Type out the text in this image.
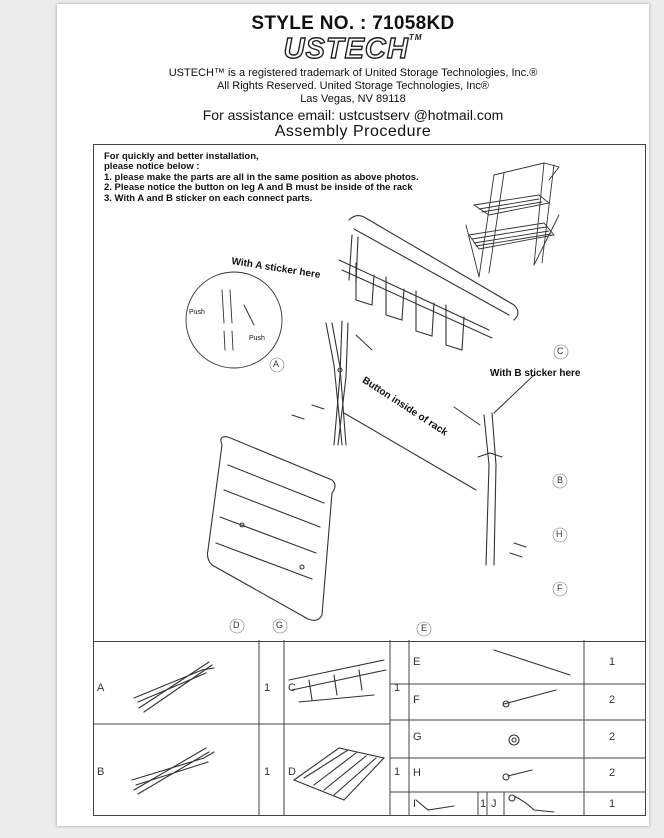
STYLE NO. : 71058KD
USTECH™
USTECH™ is a registered trademark of United Storage Technologies, Inc.®
All Rights Reserved. United Storage Technologies, Inc®
Las Vegas, NV 89118
For assistance email: ustcustserv @hotmail.com
Assembly Procedure
For quickly and better installation,
please notice below :
1. please make the parts are all in the same position as above photos.
2. Please notice the button on leg A and B must be inside of the rack
3. With A and B sticker on each connect parts.
With A sticker here
With B sticker here
Button inside of rack
Push
Push
A
B
C
D	E
F
G
H
A	1
B	1
C	1
D	1
E	1
F	2
G	2
H	2
I	1 J	1
